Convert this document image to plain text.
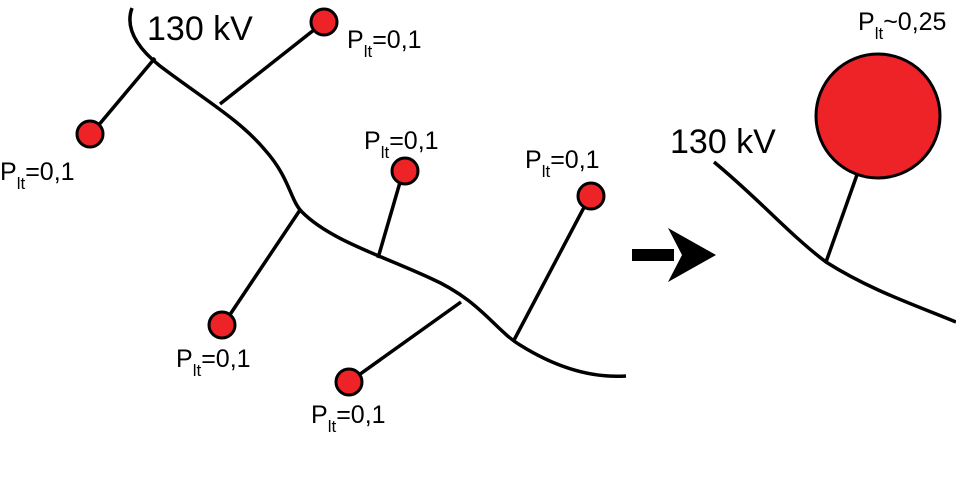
130 kV	$P_{lt}=0,1$
$P_{lt}=0,1$
$P_{lt}=0,1$
$P_{lt}=0,1$
$P_{lt}=0,1$
$P_{lt}=0,1$
130 kV
$P_{lt}\sim 0,25$
